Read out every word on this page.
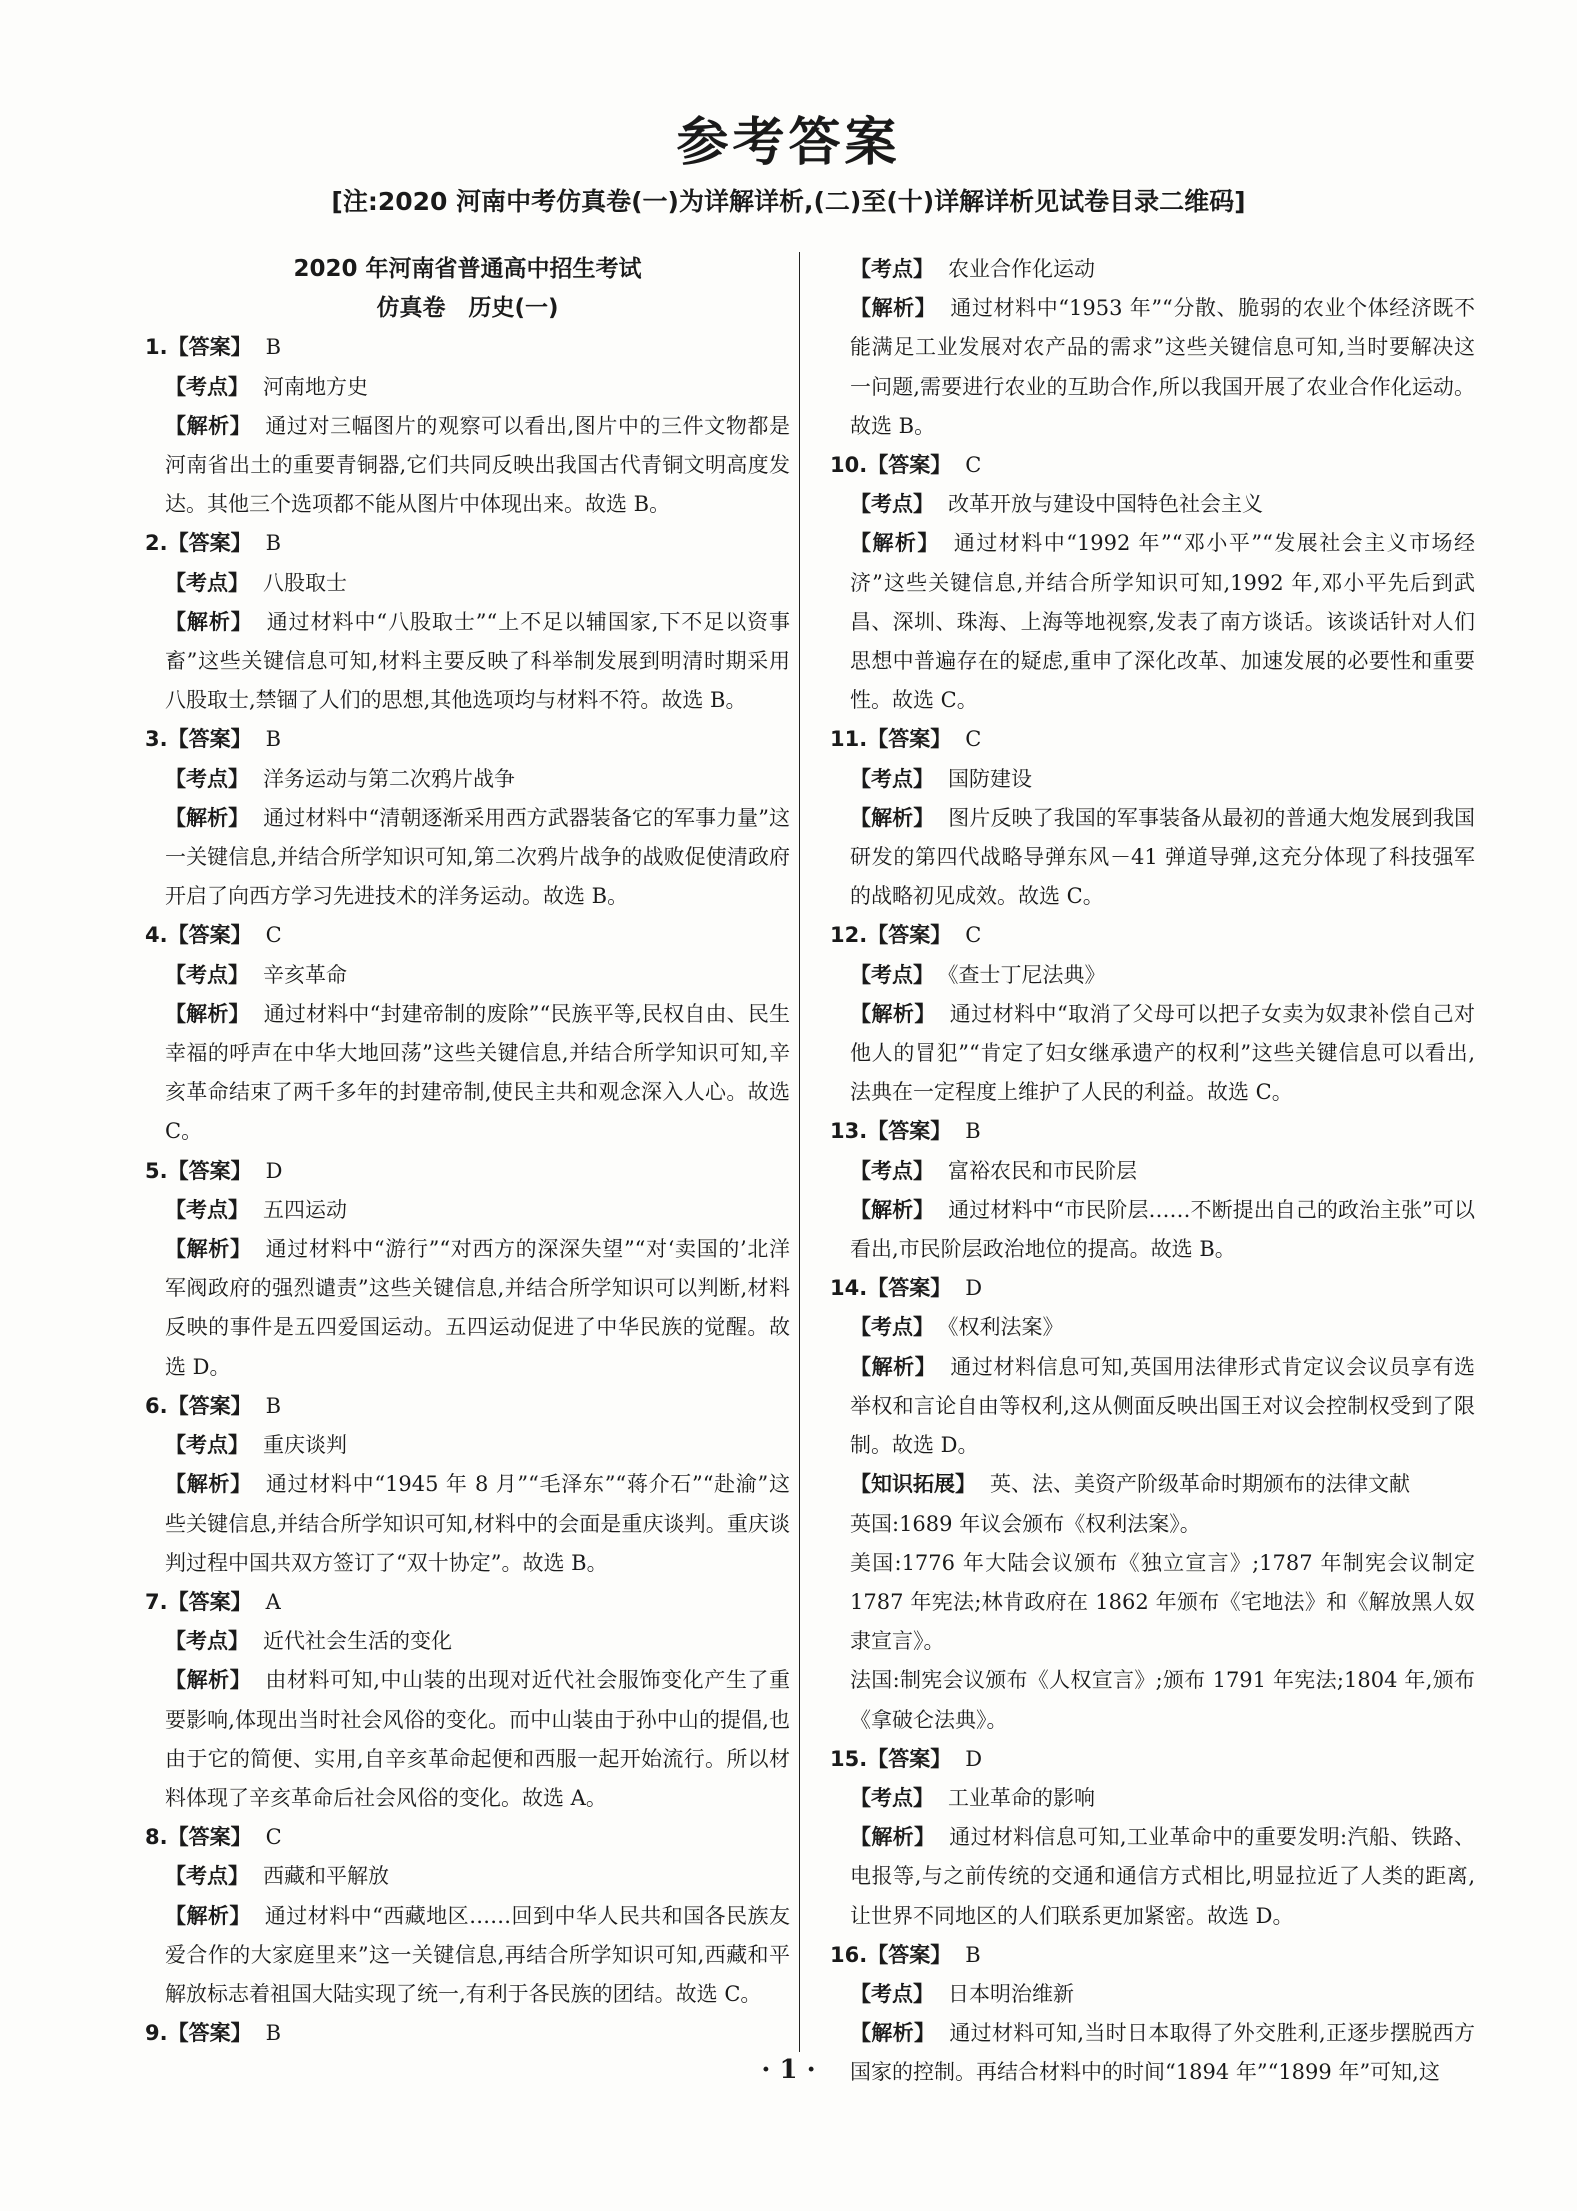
参考答案
[注:2020 河南中考仿真卷(一)为详解详析,(二)至(十)详解详析见试卷目录二维码]
2020 年河南省普通高中招生考试
仿真卷　历史(一)
1.【答案】 B
【考点】 河南地方史
【解析】 通过对三幅图片的观察可以看出,图片中的三件文物都是河南省出土的重要青铜器,它们共同反映出我国古代青铜文明高度发达。其他三个选项都不能从图片中体现出来。故选 B。
2.【答案】 B
【考点】 八股取士
【解析】 通过材料中“八股取士”“上不足以辅国家,下不足以资事畜”这些关键信息可知,材料主要反映了科举制发展到明清时期采用八股取士,禁锢了人们的思想,其他选项均与材料不符。故选 B。
3.【答案】 B
【考点】 洋务运动与第二次鸦片战争
【解析】 通过材料中“清朝逐渐采用西方武器装备它的军事力量”这一关键信息,并结合所学知识可知,第二次鸦片战争的战败促使清政府开启了向西方学习先进技术的洋务运动。故选 B。
4.【答案】 C
【考点】 辛亥革命
【解析】 通过材料中“封建帝制的废除”“民族平等,民权自由、民生幸福的呼声在中华大地回荡”这些关键信息,并结合所学知识可知,辛亥革命结束了两千多年的封建帝制,使民主共和观念深入人心。故选 C。
5.【答案】 D
【考点】 五四运动
【解析】 通过材料中“游行”“对西方的深深失望”“对‘卖国的’北洋军阀政府的强烈谴责”这些关键信息,并结合所学知识可以判断,材料反映的事件是五四爱国运动。五四运动促进了中华民族的觉醒。故选 D。
6.【答案】 B
【考点】 重庆谈判
【解析】 通过材料中“1945 年 8 月”“毛泽东”“蒋介石”“赴渝”这些关键信息,并结合所学知识可知,材料中的会面是重庆谈判。重庆谈判过程中国共双方签订了“双十协定”。故选 B。
7.【答案】 A
【考点】 近代社会生活的变化
【解析】 由材料可知,中山装的出现对近代社会服饰变化产生了重要影响,体现出当时社会风俗的变化。而中山装由于孙中山的提倡,也由于它的简便、实用,自辛亥革命起便和西服一起开始流行。所以材料体现了辛亥革命后社会风俗的变化。故选 A。
8.【答案】 C
【考点】 西藏和平解放
【解析】 通过材料中“西藏地区……回到中华人民共和国各民族友爱合作的大家庭里来”这一关键信息,再结合所学知识可知,西藏和平解放标志着祖国大陆实现了统一,有利于各民族的团结。故选 C。
9.【答案】 B
【考点】 农业合作化运动
【解析】 通过材料中“1953 年”“分散、脆弱的农业个体经济既不能满足工业发展对农产品的需求”这些关键信息可知,当时要解决这一问题,需要进行农业的互助合作,所以我国开展了农业合作化运动。故选 B。
10.【答案】 C
【考点】 改革开放与建设中国特色社会主义
【解析】 通过材料中“1992 年”“邓小平”“发展社会主义市场经济”这些关键信息,并结合所学知识可知,1992 年,邓小平先后到武昌、深圳、珠海、上海等地视察,发表了南方谈话。该谈话针对人们思想中普遍存在的疑虑,重申了深化改革、加速发展的必要性和重要性。故选 C。
11.【答案】 C
【考点】 国防建设
【解析】 图片反映了我国的军事装备从最初的普通大炮发展到我国研发的第四代战略导弹东风－41 弹道导弹,这充分体现了科技强军的战略初见成效。故选 C。
12.【答案】 C
【考点】 《查士丁尼法典》
【解析】 通过材料中“取消了父母可以把子女卖为奴隶补偿自己对他人的冒犯”“肯定了妇女继承遗产的权利”这些关键信息可以看出,法典在一定程度上维护了人民的利益。故选 C。
13.【答案】 B
【考点】 富裕农民和市民阶层
【解析】 通过材料中“市民阶层……不断提出自己的政治主张”可以看出,市民阶层政治地位的提高。故选 B。
14.【答案】 D
【考点】 《权利法案》
【解析】 通过材料信息可知,英国用法律形式肯定议会议员享有选举权和言论自由等权利,这从侧面反映出国王对议会控制权受到了限制。故选 D。
【知识拓展】 英、法、美资产阶级革命时期颁布的法律文献
英国:1689 年议会颁布《权利法案》。
美国:1776 年大陆会议颁布《独立宣言》;1787 年制宪会议制定 1787 年宪法;林肯政府在 1862 年颁布《宅地法》和《解放黑人奴隶宣言》。
法国:制宪会议颁布《人权宣言》;颁布 1791 年宪法;1804 年,颁布《拿破仑法典》。
15.【答案】 D
【考点】 工业革命的影响
【解析】 通过材料信息可知,工业革命中的重要发明:汽船、铁路、电报等,与之前传统的交通和通信方式相比,明显拉近了人类的距离,让世界不同地区的人们联系更加紧密。故选 D。
16.【答案】 B
【考点】 日本明治维新
【解析】 通过材料可知,当时日本取得了外交胜利,正逐步摆脱西方国家的控制。再结合材料中的时间“1894 年”“1899 年”可知,这
· 1 ·
